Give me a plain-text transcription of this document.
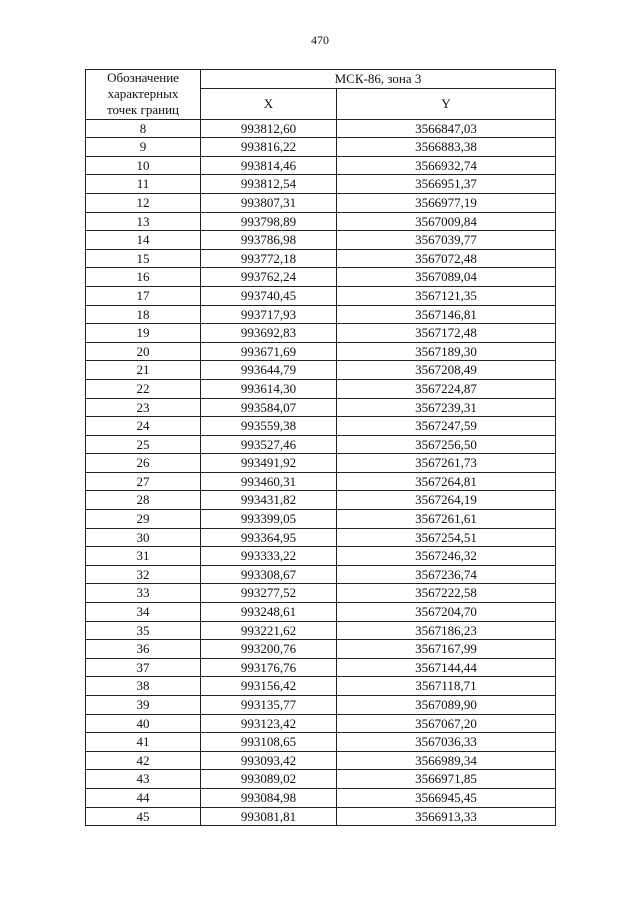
470
Обозначение
характерных
точек границ	МСК-86, зона 3	
	X	Y
8	993812,60	3566847,03
9	993816,22	3566883,38
10	993814,46	3566932,74
11	993812,54	3566951,37
12	993807,31	3566977,19
13	993798,89	3567009,84
14	993786,98	3567039,77
15	993772,18	3567072,48
16	993762,24	3567089,04
17	993740,45	3567121,35
18	993717,93	3567146,81
19	993692,83	3567172,48
20	993671,69	3567189,30
21	993644,79	3567208,49
22	993614,30	3567224,87
23	993584,07	3567239,31
24	993559,38	3567247,59
25	993527,46	3567256,50
26	993491,92	3567261,73
27	993460,31	3567264,81
28	993431,82	3567264,19
29	993399,05	3567261,61
30	993364,95	3567254,51
31	993333,22	3567246,32
32	993308,67	3567236,74
33	993277,52	3567222,58
34	993248,61	3567204,70
35	993221,62	3567186,23
36	993200,76	3567167,99
37	993176,76	3567144,44
38	993156,42	3567118,71
39	993135,77	3567089,90
40	993123,42	3567067,20
41	993108,65	3567036,33
42	993093,42	3566989,34
43	993089,02	3566971,85
44	993084,98	3566945,45
45	993081,81	3566913,33
